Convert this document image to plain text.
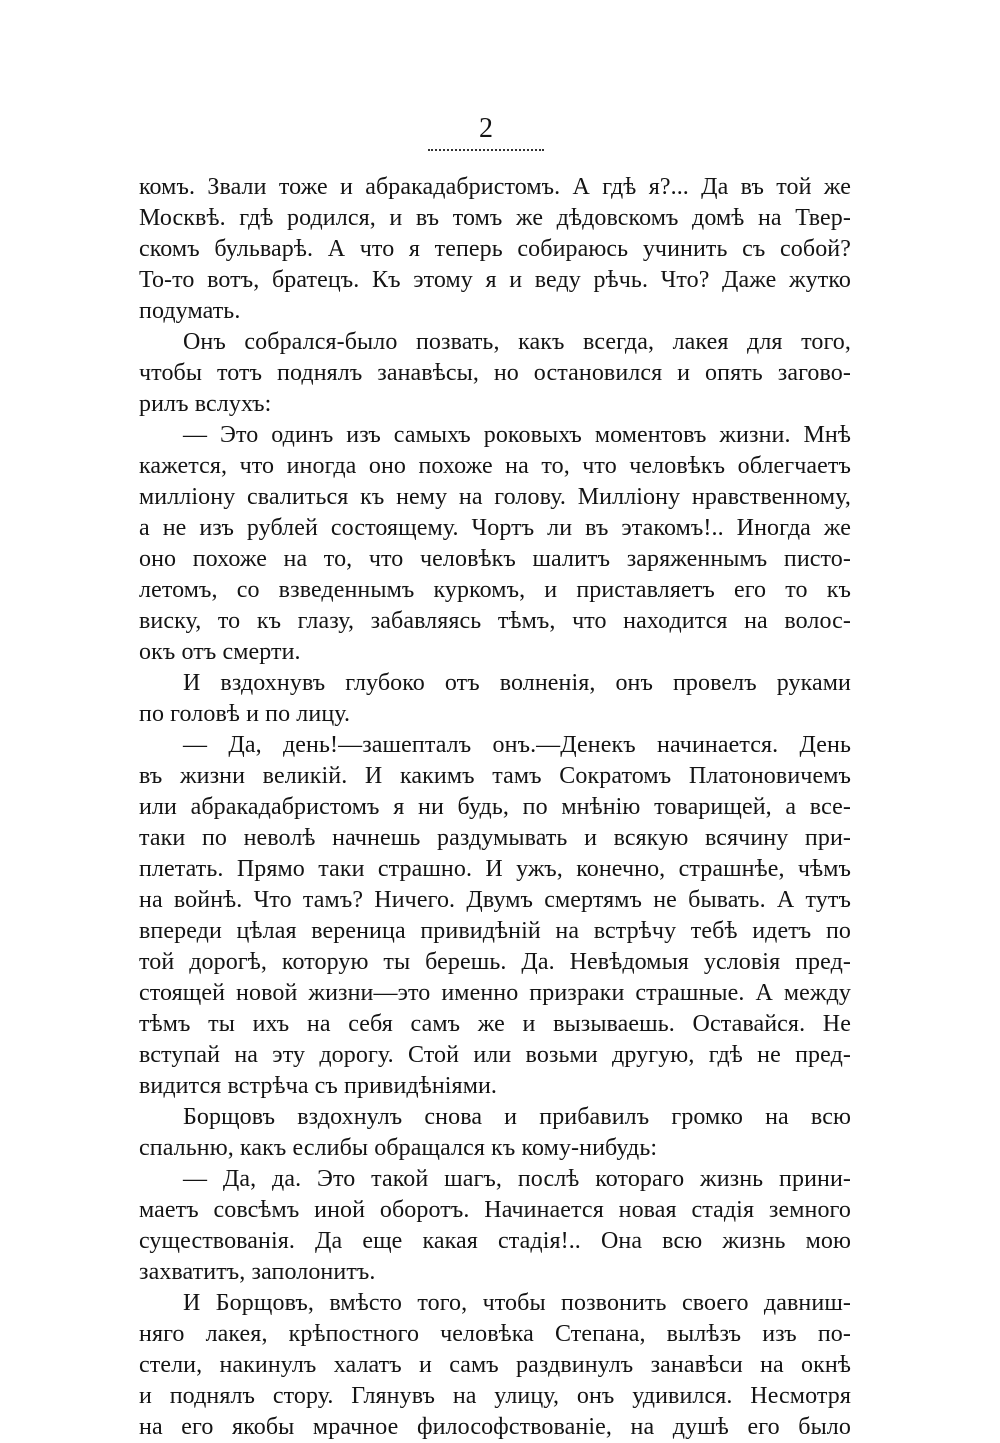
2
комъ. Звали тоже и абракадабристомъ. А гдѣ я?... Да въ той же
Москвѣ. гдѣ родился, и въ томъ же дѣдовскомъ домѣ на Твер-
скомъ бульварѣ. А что я теперь собираюсь учинить съ собой?
То-то вотъ, братецъ. Къ этому я и веду рѣчь. Что? Даже жутко
подумать.
Онъ собрался-было позвать, какъ всегда, лакея для того,
чтобы тотъ поднялъ занавѣсы, но остановился и опять загово-
рилъ вслухъ:
— Это одинъ изъ самыхъ роковыхъ моментовъ жизни. Мнѣ
кажется, что иногда оно похоже на то, что человѣкъ облегчаетъ
милліону свалиться къ нему на голову. Милліону нравственному,
а не изъ рублей состоящему. Чортъ ли въ этакомъ!.. Иногда же
оно похоже на то, что человѣкъ шалитъ заряженнымъ писто-
летомъ, со взведеннымъ куркомъ, и приставляетъ его то къ
виску, то къ глазу, забавляясь тѣмъ, что находится на волос-
окъ отъ смерти.
И вздохнувъ глубоко отъ волненія, онъ провелъ руками
по головѣ и по лицу.
— Да, день!—зашепталъ онъ.—Денекъ начинается. День
въ жизни великій. И какимъ тамъ Сократомъ Платоновичемъ
или абракадабристомъ я ни будь, по мнѣнію товарищей, а все-
таки по неволѣ начнешь раздумывать и всякую всячину при-
плетать. Прямо таки страшно. И ужъ, конечно, страшнѣе, чѣмъ
на войнѣ. Что тамъ? Ничего. Двумъ смертямъ не бывать. А тутъ
впереди цѣлая вереница привидѣній на встрѣчу тебѣ идетъ по
той дорогѣ, которую ты берешь. Да. Невѣдомыя условія пред-
стоящей новой жизни—это именно призраки страшные. А между
тѣмъ ты ихъ на себя самъ же и вызываешь. Оставайся. Не
вступай на эту дорогу. Стой или возьми другую, гдѣ не пред-
видится встрѣча съ привидѣніями.
Борщовъ вздохнулъ снова и прибавилъ громко на всю
спальню, какъ еслибы обращался къ кому-нибудь:
— Да, да. Это такой шагъ, послѣ котораго жизнь прини-
маетъ совсѣмъ иной оборотъ. Начинается новая стадія земного
существованія. Да еще какая стадія!.. Она всю жизнь мою
захватитъ, заполонитъ.
И Борщовъ, вмѣсто того, чтобы позвонить своего давниш-
няго лакея, крѣпостного человѣка Степана, вылѣзъ изъ по-
стели, накинулъ халатъ и самъ раздвинулъ занавѣси на окнѣ
и поднялъ стору. Глянувъ на улицу, онъ удивился. Несмотря
на его якобы мрачное философствованіе, на душѣ его было
